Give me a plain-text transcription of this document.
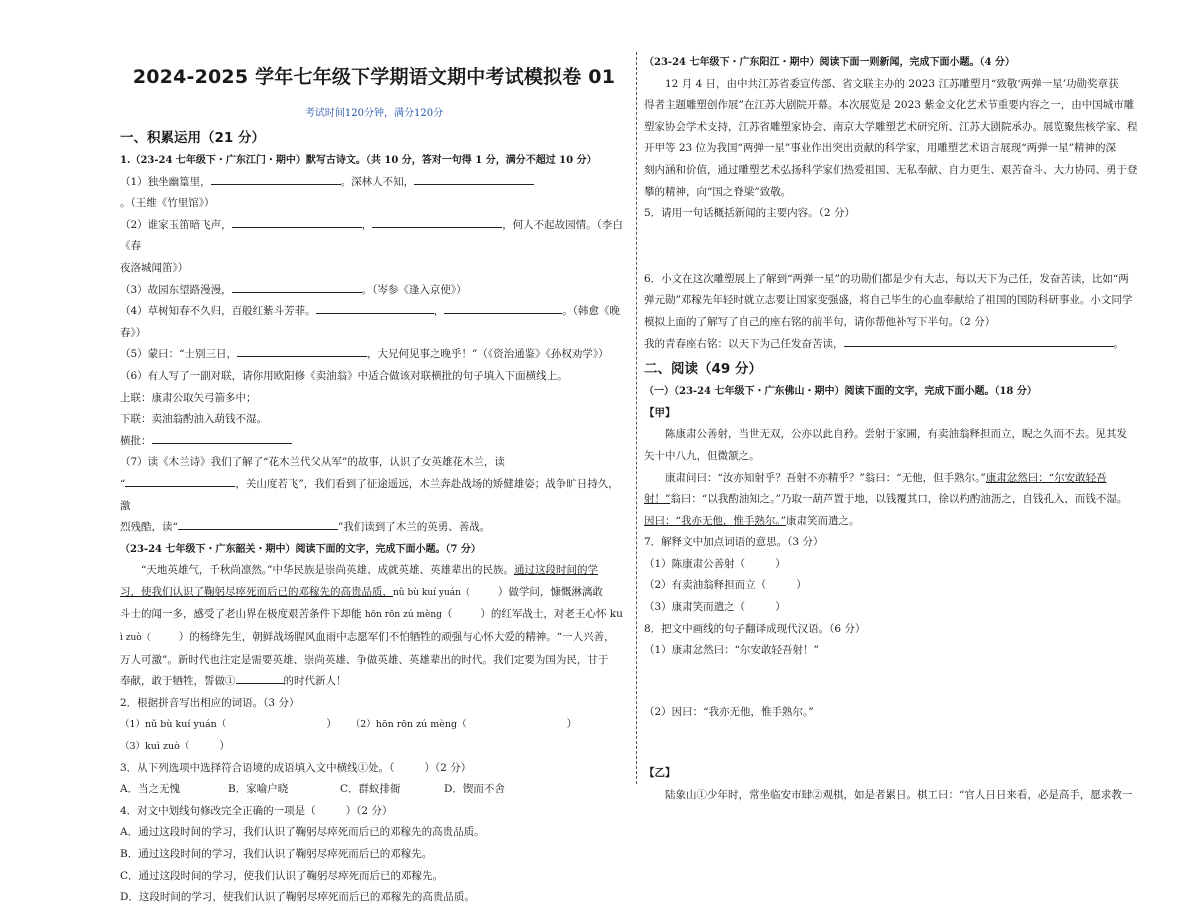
2024-2025 学年七年级下学期语文期中考试模拟卷 01
考试时间120分钟，满分120分
一、积累运用（21 分）

1.（23-24 七年级下・广东江门・期中）默写古诗文。（共 10 分，答对一句得 1 分，满分不超过 10 分）

（1）独坐幽篁里，	。深林人不知，。（王维《竹里馆》）

（2）谁家玉笛暗飞声，	，	，何人不起故园情。（李白《春

夜洛城闻笛》）

（3）故园东望路漫漫，	。（岑参《逢入京使》）

（4）草树知春不久归，百般红紫斗芳菲。	，	。（韩愈《晚春》）

（5）蒙曰：“士别三日，	，大兄何见事之晚乎！”（《资治通鉴》《孙权劝学》）

（6）有人写了一副对联，请你用欧阳修《卖油翁》中适合做该对联横批的句子填入下面横线上。

上联：康肃公取矢弓箭多中；

下联：卖油翁酌油入葫钱不湿。

横批：

（7）读《木兰诗》我们了解了“花木兰代父从军”的故事，认识了女英雄花木兰，读

“	，关山度若飞”，我们看到了征途遥远，木兰奔赴战场的矫健雄姿；战争旷日持久，激

烈残酷，读“	”我们读到了木兰的英勇、善战。

（23-24 七年级下・广东韶关・期中）阅读下面的文字，完成下面小题。（7 分）

“天地英雄气，千秋尚凛然。”中华民族是崇尚英雄、成就英雄、英雄辈出的民族。通过这段时间的学

习，使我们认识了鞠躬尽瘁死而后已的邓稼先的高贵品质，nǔ bù kuí yuán（	）做学问，慷慨淋漓敢

斗士的闻一多，感受了老山界在极度艰苦条件下却能 hōn rōn zú mèng（	）的红军战士，对老王心怀 ku

ì zuò（	）的杨绛先生，朝鲜战场腥风血雨中志愿军们不怕牺牲的顽强与心怀大爱的精神。“一人兴善，

万人可激”。新时代也注定是需要英雄、崇尚英雄、争做英雄、英雄辈出的时代。我们定要为国为民，甘于

奉献，敢于牺牲，誓做①	的时代新人！

2．根据拼音写出相应的词语。（3 分）

（1）nǔ bù kuí yuán（	） （2）hōn rōn zú mèng（	）

（3）kuì zuò（	）

3．从下列选项中选择符合语境的成语填入文中横线①处。（	）（2 分）

A．当之无愧	B．家喻户晓	C．群蚁排衙	D．锲而不舍

4．对文中划线句修改完全正确的一项是（	）（2 分）

A．通过这段时间的学习，我们认识了鞠躬尽瘁死而后已的邓稼先的高贵品质。

B．通过这段时间的学习，我们认识了鞠躬尽瘁死而后已的邓稼先。

C．通过这段时间的学习，使我们认识了鞠躬尽瘁死而后已的邓稼先。

D．这段时间的学习，使我们认识了鞠躬尽瘁死而后已的邓稼先的高贵品质。

（23-24 七年级下・广东阳江・期中）阅读下面一则新闻，完成下面小题。（4 分）

12 月 4 日，由中共江苏省委宣传部、省文联主办的 2023 江苏雕塑月“致敬‘两弹一星’功勋奖章获

得者主题雕塑创作展”在江苏大剧院开幕。本次展览是 2023 紫金文化艺术节重要内容之一，由中国城市雕

塑家协会学术支持，江苏省雕塑家协会、南京大学雕塑艺术研究所、江苏大剧院承办。展览聚焦核学家、程

开甲等 23 位为我国“两弹一星”事业作出突出贡献的科学家，用雕塑艺术语言展现“两弹一星”精神的深

刻内涵和价值，通过雕塑艺术弘扬科学家们热爱祖国、无私奉献、自力更生、艰苦奋斗、大力协同、勇于登

攀的精神，向“国之脊梁”致敬。

5．请用一句话概括新闻的主要内容。（2 分）

6．小文在这次雕塑展上了解到“两弹一星”的功勋们都是少有大志，每以天下为己任，发奋苦读，比如“两

弹元勋”邓稼先年轻时就立志要让国家变强盛，将自己毕生的心血奉献给了祖国的国防科研事业。小文同学

模拟上面的了解写了自己的座右铭的前半句，请你帮他补写下半句。（2 分）

我的青春座右铭：以天下为己任发奋苦读，	。

二、阅读（49 分）

（一）（23-24 七年级下・广东佛山・期中）阅读下面的文字，完成下面小题。（18 分）

【甲】

陈康肃公善射，当世无双，公亦以此自矜。尝射于家圃，有卖油翁释担而立，睨之久而不去。见其发

矢十中八九，但微颔之。

康肃问曰：“汝亦知射乎？吾射不亦精乎？”翁曰：“无他，但手熟尔。”康肃忿然曰：“尔安敢轻吾

射！”翁曰：“以我酌油知之。”乃取一葫芦置于地，以钱覆其口，徐以杓酌油沥之，自钱孔入，而钱不湿。

因曰：“我亦无他，惟手熟尔。”康肃笑而遣之。

7．解释文中加点词语的意思。（3 分）

（1）陈康肃公善射（	）

（2）有卖油翁释担而立（	）

（3）康肃笑而遣之（	）

8．把文中画线的句子翻译成现代汉语。（6 分）

（1）康肃忿然曰：“尔安敢轻吾射！”

（2）因曰：“我亦无他，惟手熟尔。”

【乙】

陆象山①少年时，常坐临安市肆②观棋，如是者累日。棋工曰：“官人日日来看，必是高手，愿求教一
